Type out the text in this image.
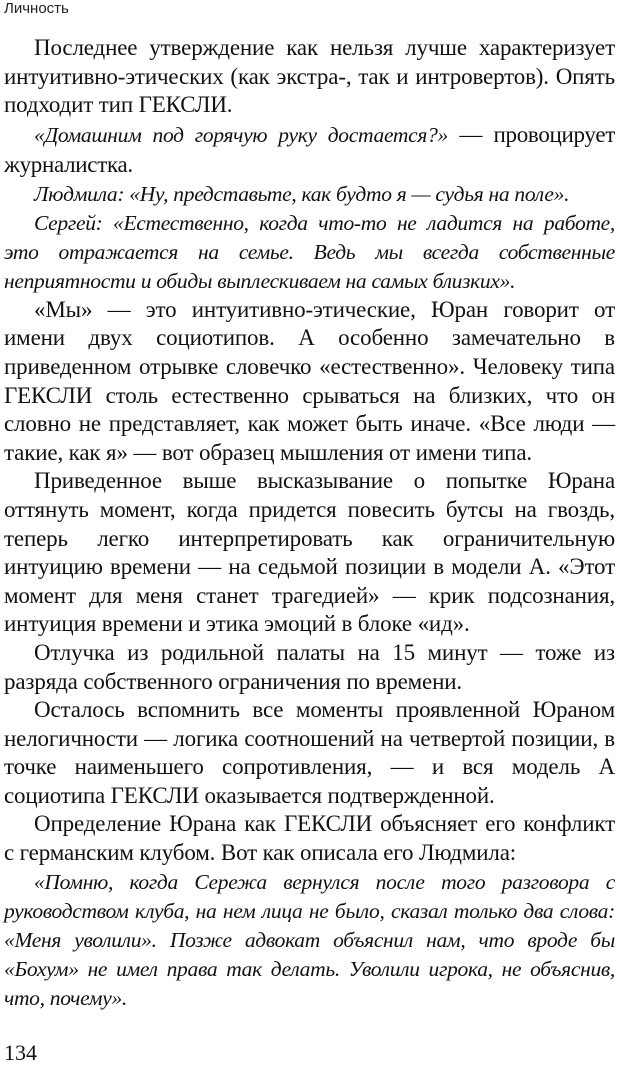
Личность

Последнее утверждение как нельзя лучше характеризует интуитивно-этических (как экстра-, так и интровертов). Опять подходит тип ГЕКСЛИ.

«Домашним под горячую руку достается?» — провоцирует журналистка.

Людмила: «Ну, представьте, как будто я — судья на поле».

Сергей: «Естественно, когда что-то не ладится на работе, это отражается на семье. Ведь мы всегда собственные неприятности и обиды выплескиваем на самых близких».

«Мы» — это интуитивно-этические, Юран говорит от имени двух социотипов. А особенно замечательно в приведенном отрывке словечко «естественно». Человеку типа ГЕКСЛИ столь естественно срываться на близких, что он словно не представляет, как может быть иначе. «Все люди — такие, как я» — вот образец мышления от имени типа.

Приведенное выше высказывание о попытке Юрана оттянуть момент, когда придется повесить бутсы на гвоздь, теперь легко интерпретировать как ограничительную интуицию времени — на седьмой позиции в модели А. «Этот момент для меня станет трагедией» — крик подсознания, интуиция времени и этика эмоций в блоке «ид».

Отлучка из родильной палаты на 15 минут — тоже из разряда собственного ограничения по времени.

Осталось вспомнить все моменты проявленной Юраном нелогичности — логика соотношений на четвертой позиции, в точке наименьшего сопротивления, — и вся модель А социотипа ГЕКСЛИ оказывается подтвержденной.

Определение Юрана как ГЕКСЛИ объясняет его конфликт с германским клубом. Вот как описала его Людмила:

«Помню, когда Сережа вернулся после того разговора с руководством клуба, на нем лица не было, сказал только два слова: «Меня уволили». Позже адвокат объяснил нам, что вроде бы «Бохум» не имел права так делать. Уволили игрока, не объяснив, что, почему».

134
